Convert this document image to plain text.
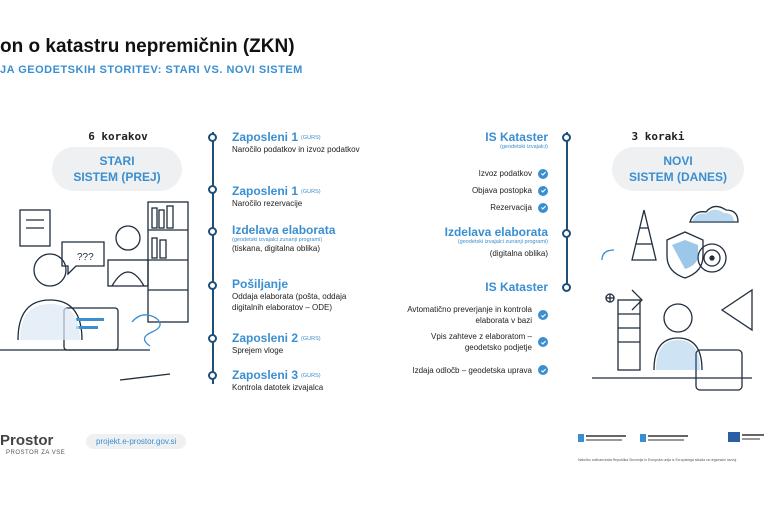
on o katastru nepremičnin (ZKN)
JA GEODETSKIH STORITEV: STARI VS. NOVI SISTEM
6 korakov
STARI
SISTEM (PREJ)
3 koraki
NOVI
SISTEM (DANES)
???
Zaposleni 1 (GURS)
Naročilo podatkov in izvoz podatkov
Zaposleni 1 (GURS)
Naročilo rezervacije
Izdelava elaborata
(geodetski izvajalci zunanji programi)
(tiskana, digitalna oblika)
Pošiljanje
Oddaja elaborata (pošta, oddaja digitalnih elaboratov – ODE)
Zaposleni 2 (GURS)
Sprejem vloge
Zaposleni 3 (GURS)
Kontrola datotek izvajalca
IS Kataster
(geodetski izvajalci)
Izvoz podatkov
Objava postopka
Rezervacija
Izdelava elaborata
(geodetski izvajalci zunanji programi)
(digitalna oblika)
IS Kataster
Avtomatično preverjanje in kontrola elaborata v bazi
Vpis zahteve z elaboratom – geodetsko podjetje
Izdaja odločb – geodetska uprava
Prostor
PROSTOR ZA VSE
projekt.e-prostor.gov.si
Naložbo sofinancirata Republika Slovenija in Evropska unija iz Evropskega sklada za regionalni razvoj.
